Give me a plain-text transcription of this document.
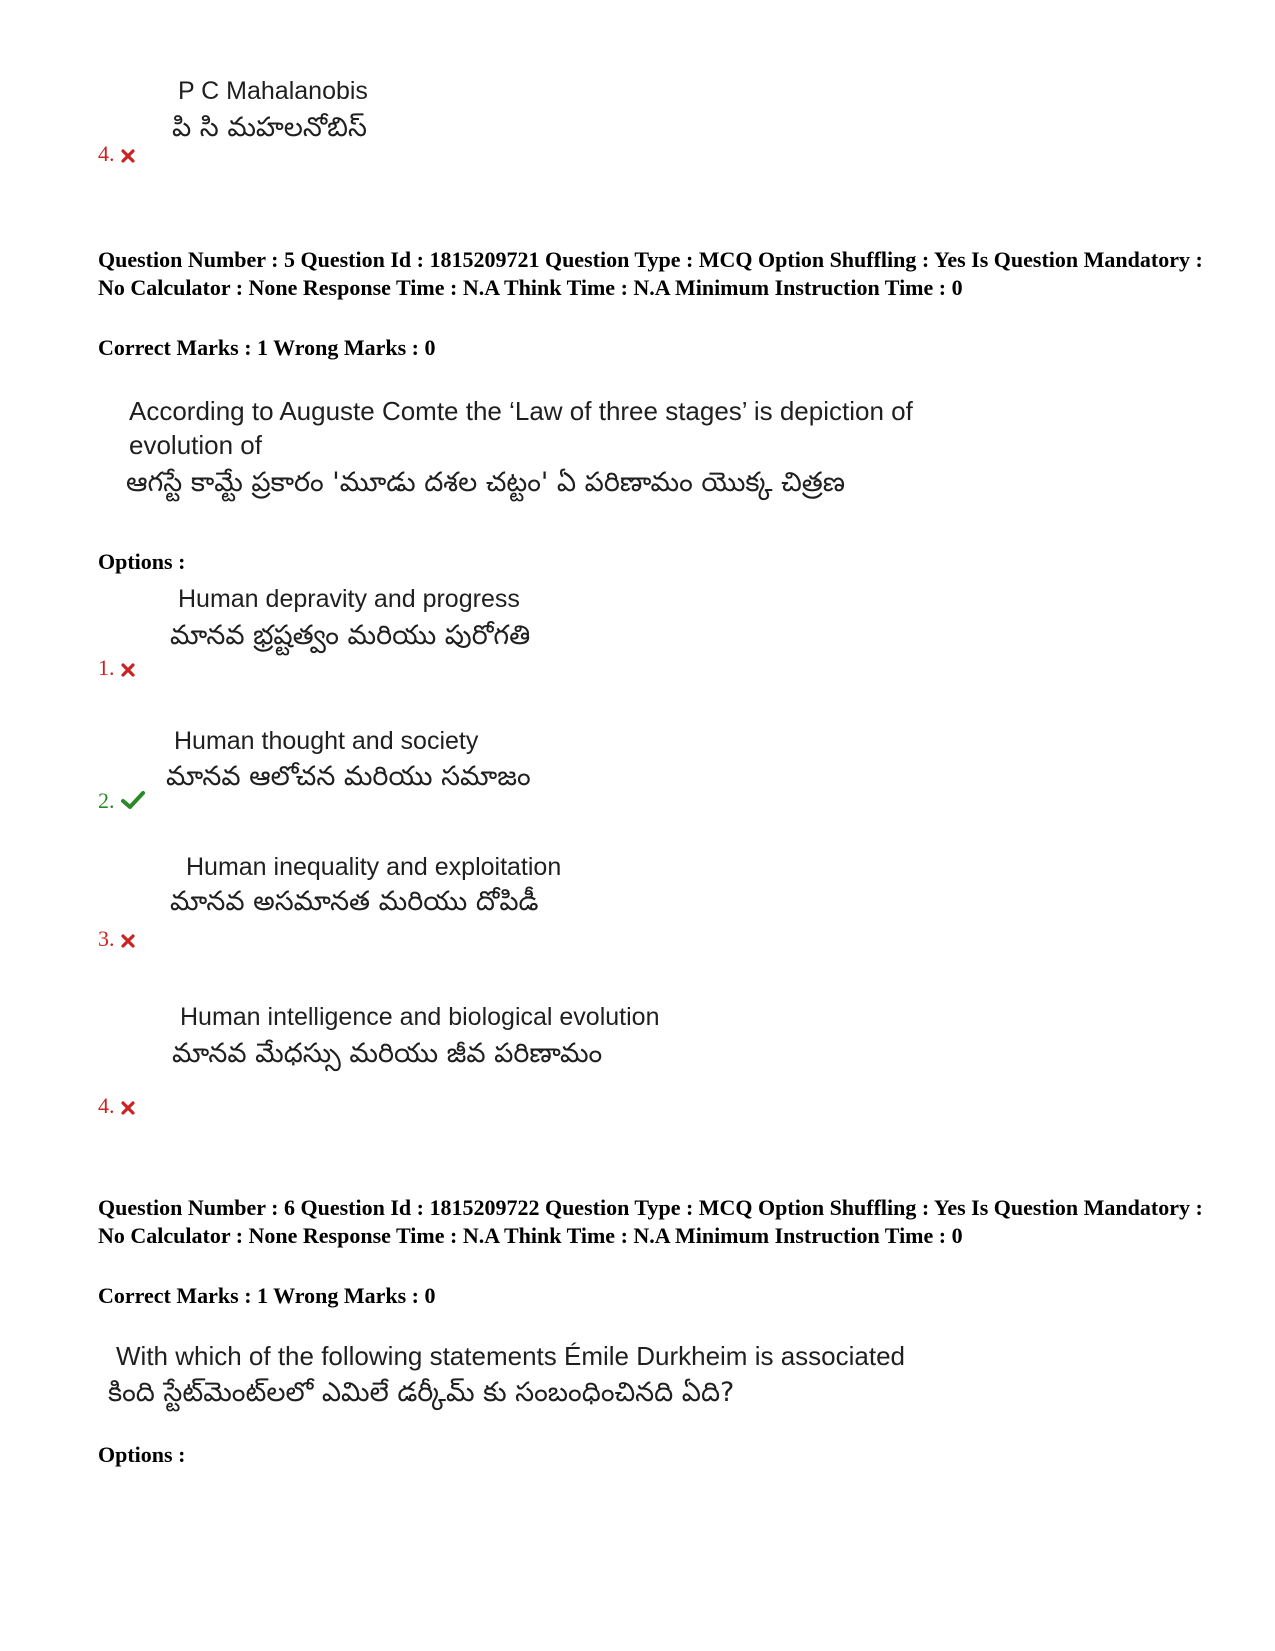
P C Mahalanobis
పి సి మహలనోబిస్
4.
Question Number : 5 Question Id : 1815209721 Question Type : MCQ Option Shuffling : Yes Is Question Mandatory : No Calculator : None Response Time : N.A Think Time : N.A Minimum Instruction Time : 0
Correct Marks : 1 Wrong Marks : 0
According to Auguste Comte the ‘Law of three stages’ is depiction of evolution of
ఆగస్టే కామ్టే ప్రకారం 'మూడు దశల చట్టం' ఏ పరిణామం యొక్క చిత్రణ
Options :
Human depravity and progress
మానవ భ్రష్టత్వం మరియు పురోగతి
1.
Human thought and society
మానవ ఆలోచన మరియు సమాజం
2.
Human inequality and exploitation
మానవ అసమానత మరియు దోపిడీ
3.
Human intelligence and biological evolution
మానవ మేధస్సు మరియు జీవ పరిణామం
4.
Question Number : 6 Question Id : 1815209722 Question Type : MCQ Option Shuffling : Yes Is Question Mandatory : No Calculator : None Response Time : N.A Think Time : N.A Minimum Instruction Time : 0
Correct Marks : 1 Wrong Marks : 0
With which of the following statements Émile Durkheim is associated
కింది స్టేట్‌మెంట్‌లలో ఎమిలే డర్కీమ్ కు సంబంధించినది ఏది?
Options :
